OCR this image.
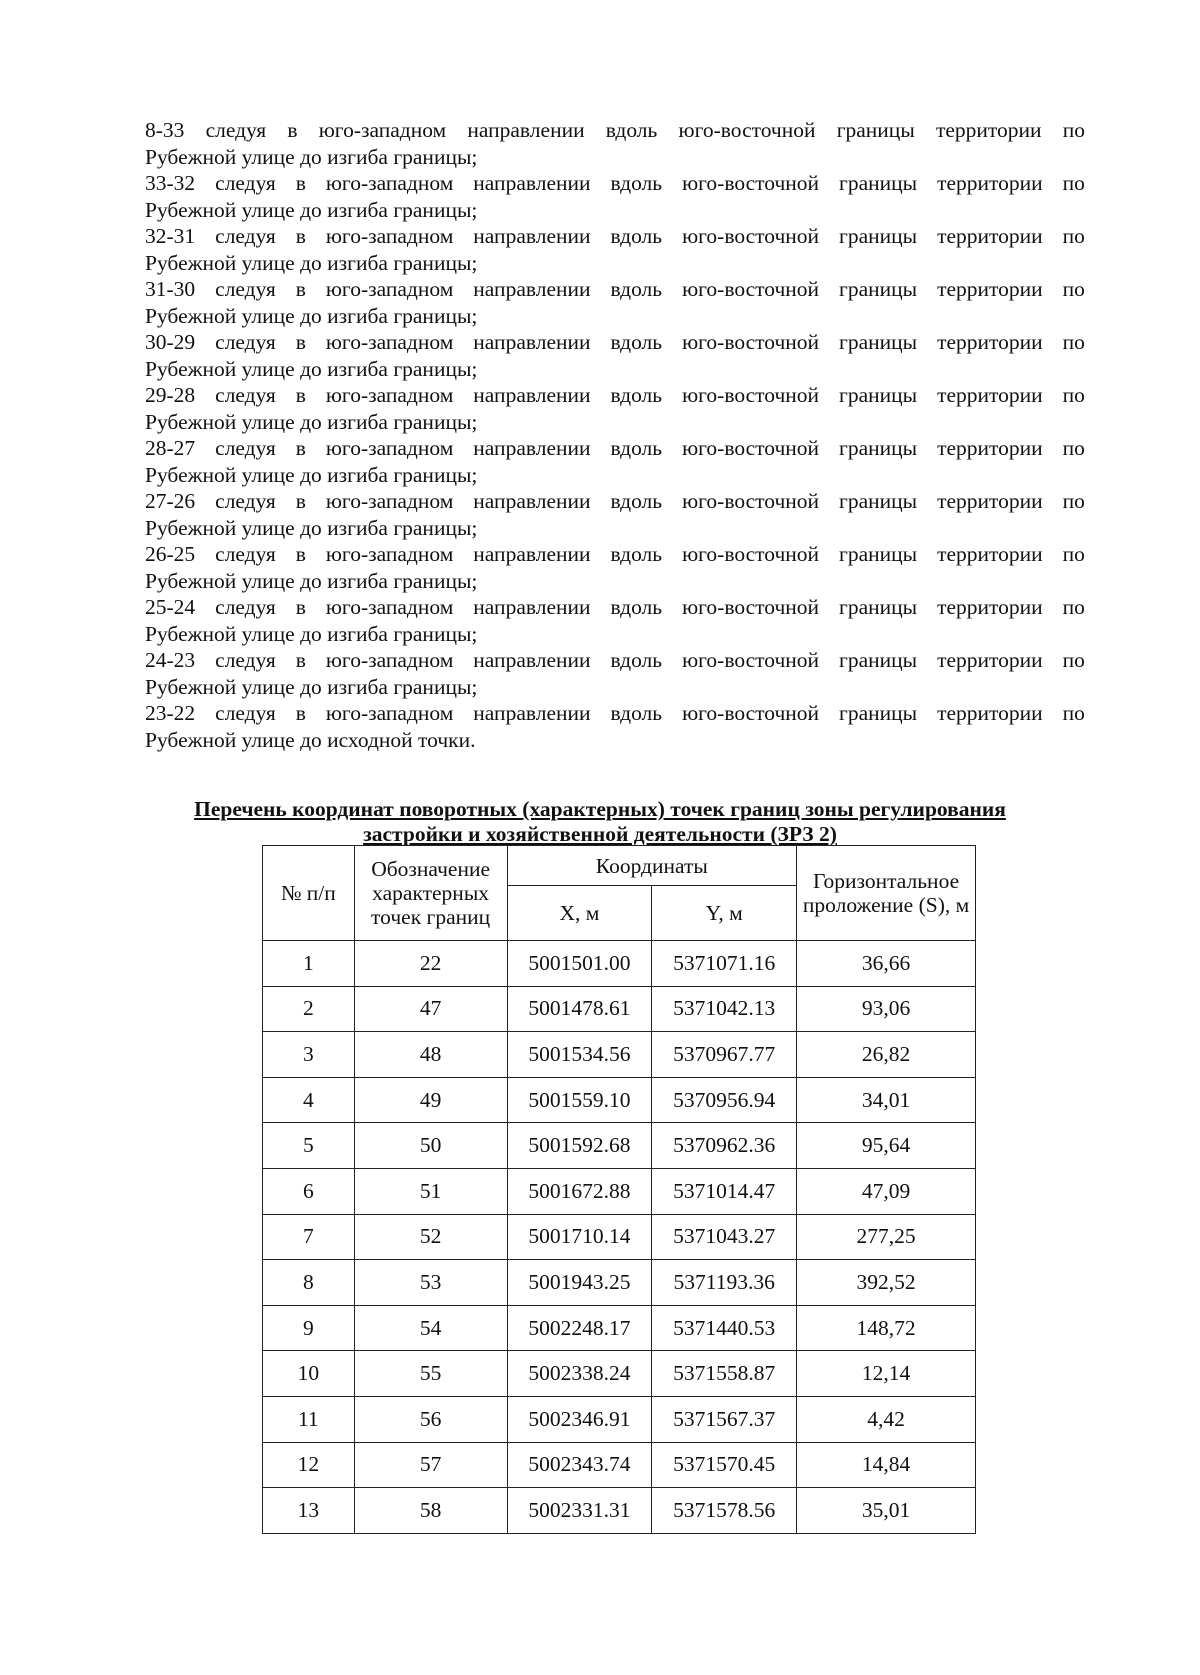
8-33 следуя в юго-западном направлении вдоль юго-восточной границы территории по
Рубежной улице до изгиба границы;
33-32 следуя в юго-западном направлении вдоль юго-восточной границы территории по
Рубежной улице до изгиба границы;
32-31 следуя в юго-западном направлении вдоль юго-восточной границы территории по
Рубежной улице до изгиба границы;
31-30 следуя в юго-западном направлении вдоль юго-восточной границы территории по
Рубежной улице до изгиба границы;
30-29 следуя в юго-западном направлении вдоль юго-восточной границы территории по
Рубежной улице до изгиба границы;
29-28 следуя в юго-западном направлении вдоль юго-восточной границы территории по
Рубежной улице до изгиба границы;
28-27 следуя в юго-западном направлении вдоль юго-восточной границы территории по
Рубежной улице до изгиба границы;
27-26 следуя в юго-западном направлении вдоль юго-восточной границы территории по
Рубежной улице до изгиба границы;
26-25 следуя в юго-западном направлении вдоль юго-восточной границы территории по
Рубежной улице до изгиба границы;
25-24 следуя в юго-западном направлении вдоль юго-восточной границы территории по
Рубежной улице до изгиба границы;
24-23 следуя в юго-западном направлении вдоль юго-восточной границы территории по
Рубежной улице до изгиба границы;
23-22 следуя в юго-западном направлении вдоль юго-восточной границы территории по
Рубежной улице до исходной точки.
Перечень координат поворотных (характерных) точек границ зоны регулирования застройки и хозяйственной деятельности (ЗРЗ 2)
№ п/п	Обозначение характерных точек границ	Координаты		Горизонтальное проложение (S), м
		X, м	Y, м	
1	22	5001501.00	5371071.16	36,66
2	47	5001478.61	5371042.13	93,06
3	48	5001534.56	5370967.77	26,82
4	49	5001559.10	5370956.94	34,01
5	50	5001592.68	5370962.36	95,64
6	51	5001672.88	5371014.47	47,09
7	52	5001710.14	5371043.27	277,25
8	53	5001943.25	5371193.36	392,52
9	54	5002248.17	5371440.53	148,72
10	55	5002338.24	5371558.87	12,14
11	56	5002346.91	5371567.37	4,42
12	57	5002343.74	5371570.45	14,84
13	58	5002331.31	5371578.56	35,01
